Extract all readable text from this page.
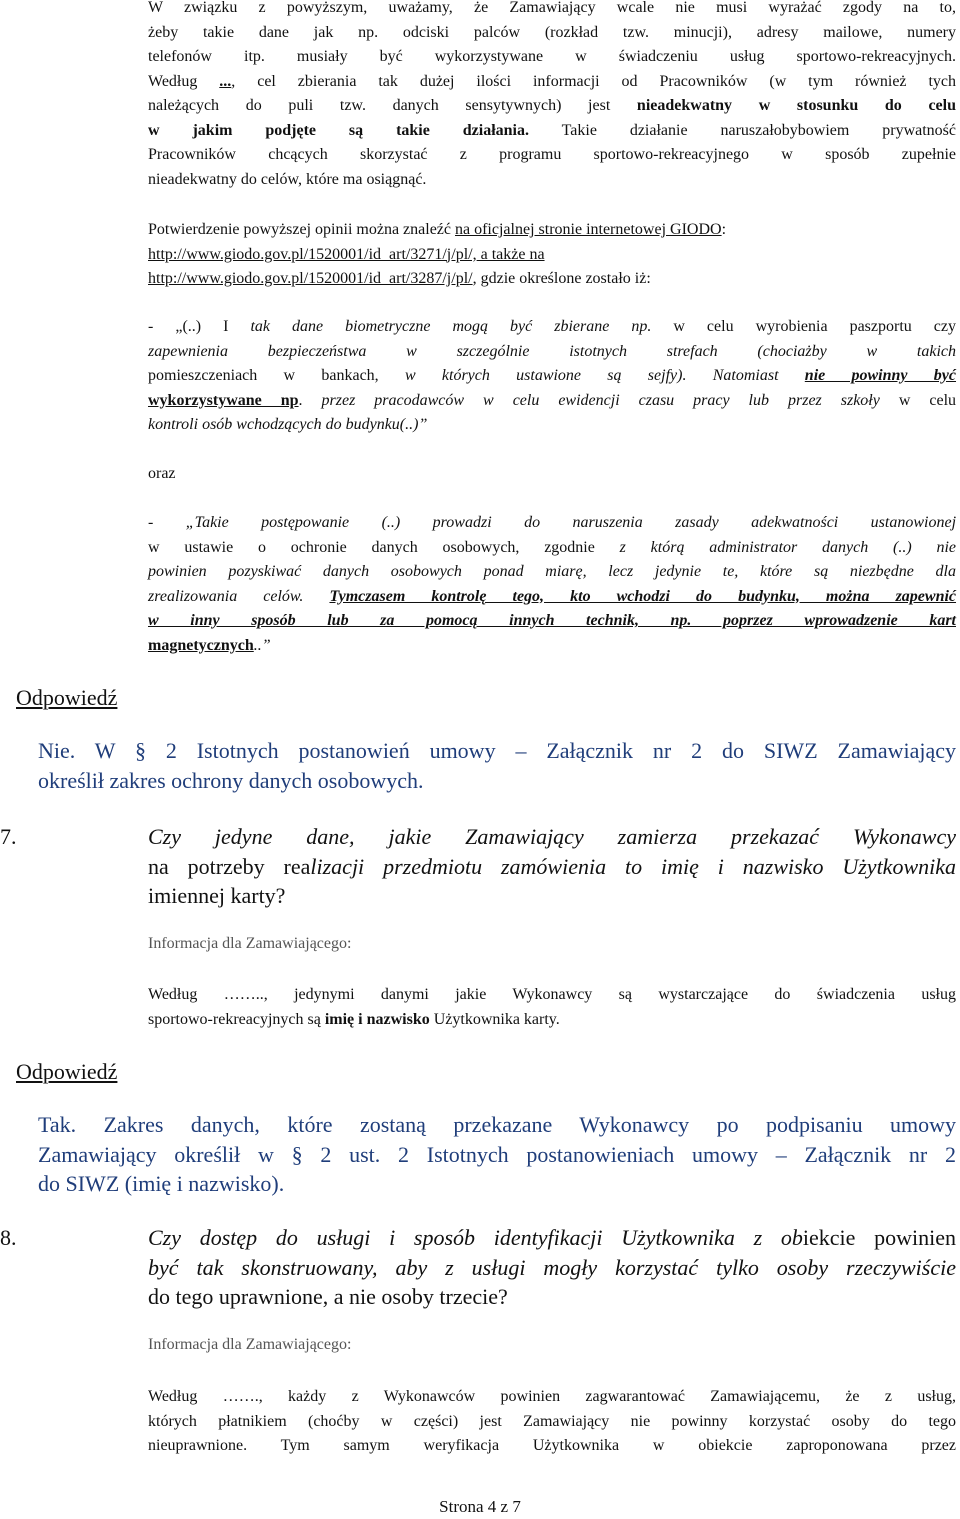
W związku z powyższym, uważamy, że Zamawiający wcale nie musi wyrażać zgody na to,

żeby takie dane jak np. odciski palców (rozkład tzw. minucji), adresy mailowe, numery

telefonów itp. musiały być wykorzystywane w świadczeniu usług sportowo-rekreacyjnych.

Według ..., cel zbierania tak dużej ilości informacji od Pracowników (w tym również tych

należących do puli tzw. danych sensytywnych) jest nieadekwatny w stosunku do celu

w jakim podjęte są takie działania. Takie działanie naruszałobybowiem prywatność

Pracowników chcących skorzystać z programu sportowo-rekreacyjnego w sposób zupełnie

nieadekwatny do celów, które ma osiągnąć.

Potwierdzenie powyższej opinii można znaleźć na oficjalnej stronie internetowej GIODO:

http://www.giodo.gov.pl/1520001/id_art/3271/j/pl/, a także na

http://www.giodo.gov.pl/1520001/id_art/3287/j/pl/, gdzie określone zostało iż:

- „(..) I tak dane biometryczne mogą być zbierane np. w celu wyrobienia paszportu czy

zapewnienia bezpieczeństwa w szczególnie istotnych strefach (chociażby w takich

pomieszczeniach w bankach, w których ustawione są sejfy). Natomiast nie powinny być

wykorzystywane np. przez pracodawców w celu ewidencji czasu pracy lub przez szkoły w celu

kontroli osób wchodzących do budynku(..)”

oraz

- „Takie postępowanie (..) prowadzi do naruszenia zasady adekwatności ustanowionej

w ustawie o ochronie danych osobowych, zgodnie z którą administrator danych (..) nie

powinien pozyskiwać danych osobowych ponad miarę, lecz jedynie te, które są niezbędne dla

zrealizowania celów. Tymczasem kontrolę tego, kto wchodzi do budynku, można zapewnić

w inny sposób lub za pomocą innych technik, np. poprzez wprowadzenie kart

magnetycznych..”

Odpowiedź

Nie. W § 2 Istotnych postanowień umowy – Załącznik nr 2 do SIWZ Zamawiający

określił zakres ochrony danych osobowych.

7.	Czy jedyne dane, jakie Zamawiający zamierza przekazać Wykonawcy

na potrzeby realizacji przedmiotu zamówienia to imię i nazwisko Użytkownika

imiennej karty?

Informacja dla Zamawiającego:

Według …….., jedynymi danymi jakie Wykonawcy są wystarczające do świadczenia usług

sportowo-rekreacyjnych są imię i nazwisko Użytkownika karty.

Odpowiedź

Tak. Zakres danych, które zostaną przekazane Wykonawcy po podpisaniu umowy

Zamawiający określił w § 2 ust. 2 Istotnych postanowieniach umowy – Załącznik nr 2

do SIWZ (imię i nazwisko).

8.	Czy dostęp do usługi i sposób identyfikacji Użytkownika z obiekcie powinien

być tak skonstruowany, aby z usługi mogły korzystać tylko osoby rzeczywiście

do tego uprawnione, a nie osoby trzecie?

Informacja dla Zamawiającego:

Według ……., każdy z Wykonawców powinien zagwarantować Zamawiającemu, że z usług,

których płatnikiem (choćby w części) jest Zamawiający nie powinny korzystać osoby do tego

nieuprawnione. Tym samym weryfikacja Użytkownika w obiekcie zaproponowana przez

Strona 4 z 7
